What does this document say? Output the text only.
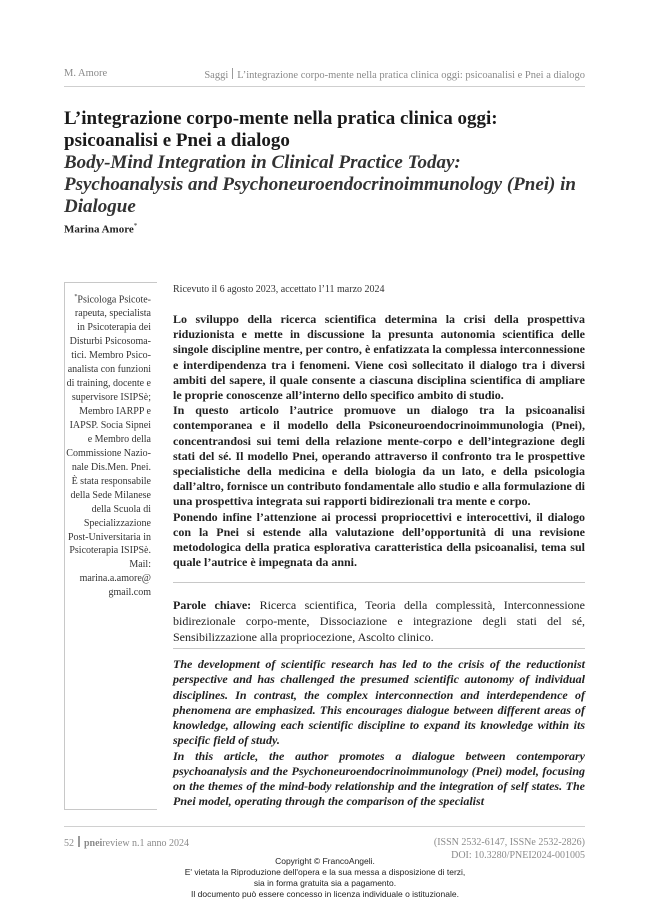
M. Amore	Saggi L’integrazione corpo-mente nella pratica clinica oggi: psicoanalisi e Pnei a dialogo
L’integrazione corpo-mente nella pratica clinica oggi: psicoanalisi e Pnei a dialogo
Body-Mind Integration in Clinical Practice Today: Psychoanalysis and Psychoneuroendocrinoimmunology (Pnei) in Dialogue
Marina Amore*
*Psicologa Psicote-
rapeuta, specialista
in Psicoterapia dei
Disturbi Psicosoma-
tici. Membro Psico-
analista con funzioni
di training, docente e
supervisore ISIPSè;
Membro IARPP e
IAPSP. Socia Sipnei
e Membro della
Commissione Nazio-
nale Dis.Men. Pnei.
È stata responsabile
della Sede Milanese
della Scuola di
Specializzazione
Post-Universitaria in
Psicoterapia ISIPSè.
Mail:
marina.a.amore@
gmail.com
Ricevuto il 6 agosto 2023, accettato l’11 marzo 2024

Lo sviluppo della ricerca scientifica determina la crisi della prospettiva riduzionista e mette in discussione la presunta autonomia scientifica delle singole discipline mentre, per contro, è enfatizzata la complessa interconnessione e interdipendenza tra i fenomeni. Viene così sollecitato il dialogo tra i diversi ambiti del sapere, il quale consente a ciascuna disciplina scientifica di ampliare le proprie conoscenze all’interno dello specifico ambito di studio.

In questo articolo l’autrice promuove un dialogo tra la psicoanalisi contemporanea e il modello della Psiconeuroendocrinoimmunologia (Pnei), concentrandosi sui temi della relazione mente-corpo e dell’integrazione degli stati del sé. Il modello Pnei, operando attraverso il confronto tra le prospettive specialistiche della medicina e della biologia da un lato, e della psicologia dall’altro, fornisce un contributo fondamentale allo studio e alla formulazione di una prospettiva integrata sui rapporti bidirezionali tra mente e corpo.

Ponendo infine l’attenzione ai processi propriocettivi e interocettivi, il dialogo con la Pnei si estende alla valutazione dell’opportunità di una revisione metodologica della pratica esplorativa caratteristica della psicoanalisi, tema sul quale l’autrice è impegnata da anni.

Parole chiave: Ricerca scientifica, Teoria della complessità, Interconnessione bidirezionale corpo-mente, Dissociazione e integrazione degli stati del sé, Sensibilizzazione alla propriocezione, Ascolto clinico.

The development of scientific research has led to the crisis of the reductionist perspective and has challenged the presumed scientific autonomy of individual disciplines. In contrast, the complex interconnection and interdependence of phenomena are emphasized. This encourages dialogue between different areas of knowledge, allowing each scientific discipline to expand its knowledge within its specific field of study.

In this article, the author promotes a dialogue between contemporary psychoanalysis and the Psychoneuroendocrinoimmunology (Pnei) model, focusing on the themes of the mind-body relationship and the integration of self states. The Pnei model, operating through the comparison of the specialist

52 pneireview n.1 anno 2024	(ISSN 2532-6147, ISSNe 2532-2826)
DOI: 10.3280/PNEI2024-001005
Copyright © FrancoAngeli.
E' vietata la Riproduzione dell'opera e la sua messa a disposizione di terzi,
sia in forma gratuita sia a pagamento.
Il documento può essere concesso in licenza individuale o istituzionale.
